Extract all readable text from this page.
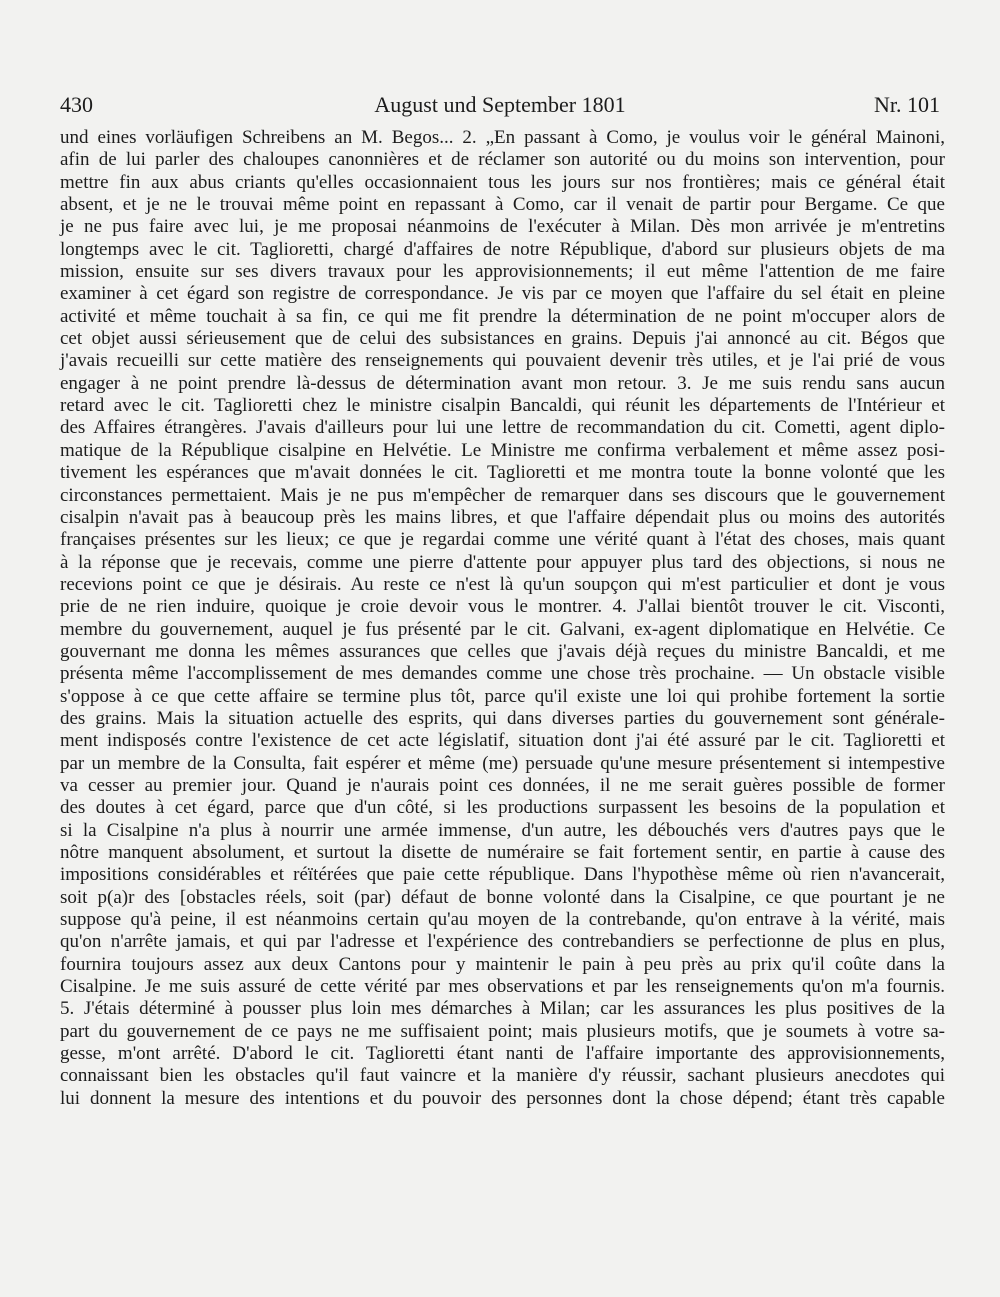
430	August und September 1801	Nr. 101
und eines vorläufigen Schreibens an M. Begos... 2. „En passant à Como, je voulus voir le général Mainoni,
afin de lui parler des chaloupes canonnières et de réclamer son autorité ou du moins son intervention, pour
mettre fin aux abus criants qu'elles occasionnaient tous les jours sur nos frontières; mais ce général était
absent, et je ne le trouvai même point en repassant à Como, car il venait de partir pour Bergame. Ce que
je ne pus faire avec lui, je me proposai néanmoins de l'exécuter à Milan. Dès mon arrivée je m'entretins
longtemps avec le cit. Taglioretti, chargé d'affaires de notre République, d'abord sur plusieurs objets de ma
mission, ensuite sur ses divers travaux pour les approvisionnements; il eut même l'attention de me faire
examiner à cet égard son registre de correspondance. Je vis par ce moyen que l'affaire du sel était en pleine
activité et même touchait à sa fin, ce qui me fit prendre la détermination de ne point m'occuper alors de
cet objet aussi sérieusement que de celui des subsistances en grains. Depuis j'ai annoncé au cit. Bégos que
j'avais recueilli sur cette matière des renseignements qui pouvaient devenir très utiles, et je l'ai prié de vous
engager à ne point prendre là-dessus de détermination avant mon retour. 3. Je me suis rendu sans aucun
retard avec le cit. Taglioretti chez le ministre cisalpin Bancaldi, qui réunit les départements de l'Intérieur et
des Affaires étrangères. J'avais d'ailleurs pour lui une lettre de recommandation du cit. Cometti, agent diplo-
matique de la République cisalpine en Helvétie. Le Ministre me confirma verbalement et même assez posi-
tivement les espérances que m'avait données le cit. Taglioretti et me montra toute la bonne volonté que les
circonstances permettaient. Mais je ne pus m'empêcher de remarquer dans ses discours que le gouvernement
cisalpin n'avait pas à beaucoup près les mains libres, et que l'affaire dépendait plus ou moins des autorités
françaises présentes sur les lieux; ce que je regardai comme une vérité quant à l'état des choses, mais quant
à la réponse que je recevais, comme une pierre d'attente pour appuyer plus tard des objections, si nous ne
recevions point ce que je désirais. Au reste ce n'est là qu'un soupçon qui m'est particulier et dont je vous
prie de ne rien induire, quoique je croie devoir vous le montrer. 4. J'allai bientôt trouver le cit. Visconti,
membre du gouvernement, auquel je fus présenté par le cit. Galvani, ex-agent diplomatique en Helvétie. Ce
gouvernant me donna les mêmes assurances que celles que j'avais déjà reçues du ministre Bancaldi, et me
présenta même l'accomplissement de mes demandes comme une chose très prochaine. — Un obstacle visible
s'oppose à ce que cette affaire se termine plus tôt, parce qu'il existe une loi qui prohibe fortement la sortie
des grains. Mais la situation actuelle des esprits, qui dans diverses parties du gouvernement sont générale-
ment indisposés contre l'existence de cet acte législatif, situation dont j'ai été assuré par le cit. Taglioretti et
par un membre de la Consulta, fait espérer et même (me) persuade qu'une mesure présentement si intempestive
va cesser au premier jour. Quand je n'aurais point ces données, il ne me serait guères possible de former
des doutes à cet égard, parce que d'un côté, si les productions surpassent les besoins de la population et
si la Cisalpine n'a plus à nourrir une armée immense, d'un autre, les débouchés vers d'autres pays que le
nôtre manquent absolument, et surtout la disette de numéraire se fait fortement sentir, en partie à cause des
impositions considérables et réïtérées que paie cette république. Dans l'hypothèse même où rien n'avancerait,
soit p(a)r des [obstacles réels, soit (par) défaut de bonne volonté dans la Cisalpine, ce que pourtant je ne
suppose qu'à peine, il est néanmoins certain qu'au moyen de la contrebande, qu'on entrave à la vérité, mais
qu'on n'arrête jamais, et qui par l'adresse et l'expérience des contrebandiers se perfectionne de plus en plus,
fournira toujours assez aux deux Cantons pour y maintenir le pain à peu près au prix qu'il coûte dans la
Cisalpine. Je me suis assuré de cette vérité par mes observations et par les renseignements qu'on m'a fournis.
5. J'étais déterminé à pousser plus loin mes démarches à Milan; car les assurances les plus positives de la
part du gouvernement de ce pays ne me suffisaient point; mais plusieurs motifs, que je soumets à votre sa-
gesse, m'ont arrêté. D'abord le cit. Taglioretti étant nanti de l'affaire importante des approvisionnements,
connaissant bien les obstacles qu'il faut vaincre et la manière d'y réussir, sachant plusieurs anecdotes qui
lui donnent la mesure des intentions et du pouvoir des personnes dont la chose dépend; étant très capable
